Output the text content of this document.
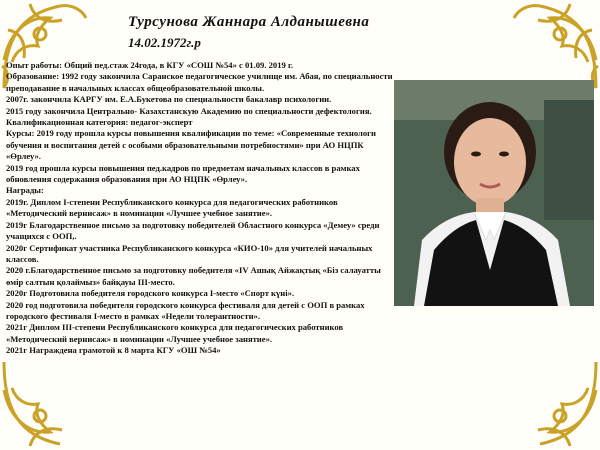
Турсунова Жаннара Алданышевна
14.02.1972г.р

Опыт работы: Общий пед.стаж 24года, в КГУ «СОШ №54» с 01.09. 2019 г.

Образование: 1992 году закончила Саранское педагогическое училище им. Абая, по специальности преподавание в начальных классах общеобразовательной школы.

2007г. закончила КАРГУ им. Е.А.Букетова по специальности бакалавр психологии.

2015 году закончила Центрально- Казахстанскую Академию по специальности дефектология.

Квалификационная категория: педагог-эксперт

Курсы: 2019 году прошла курсы повышения квалификации по теме: «Современные технологи обучения и воспитания детей с особыми образовательными потребностями» при АО НЦПК «Өрлеу».

2019 год прошла курсы повышения пед.кадров по предметам начальных классов в рамках обновления содержания образования при АО НЦПК «Өрлеу».

Награды:

2019г. Диплом I-степени Республиканского конкурса для педагогических работников «Методический вернисаж» в номинации «Лучшее учебное занятие».

2019г Благодарственное письмо за подготовку победителей Областного конкурса «Демеу» среди учащихся с ООП,.

2020г Сертификат участника Республиканского конкурса «КИО-10» для учителей начальных классов.

2020 г.Благодарственное письмо за подготовку победителя «IV Ашық Айжақтық «Біз салауатты өмір салтын қолаймыз» байқауы III-место.

2020г Подготовила победителя городского конкурса I-место «Спорт күні».

2020 год подготовила победителя городского конкурса фестиваля для детей с ООП в рамках городского фестиваля I-место в рамках «Недели толерантности».

2021г Диплом III-степени Республиканского конкурса для педагогических работников «Методический вернисаж» в номинации «Лучшее учебное занятие».

2021г Награждена грамотой к 8 марта КГУ «ОШ №54»
